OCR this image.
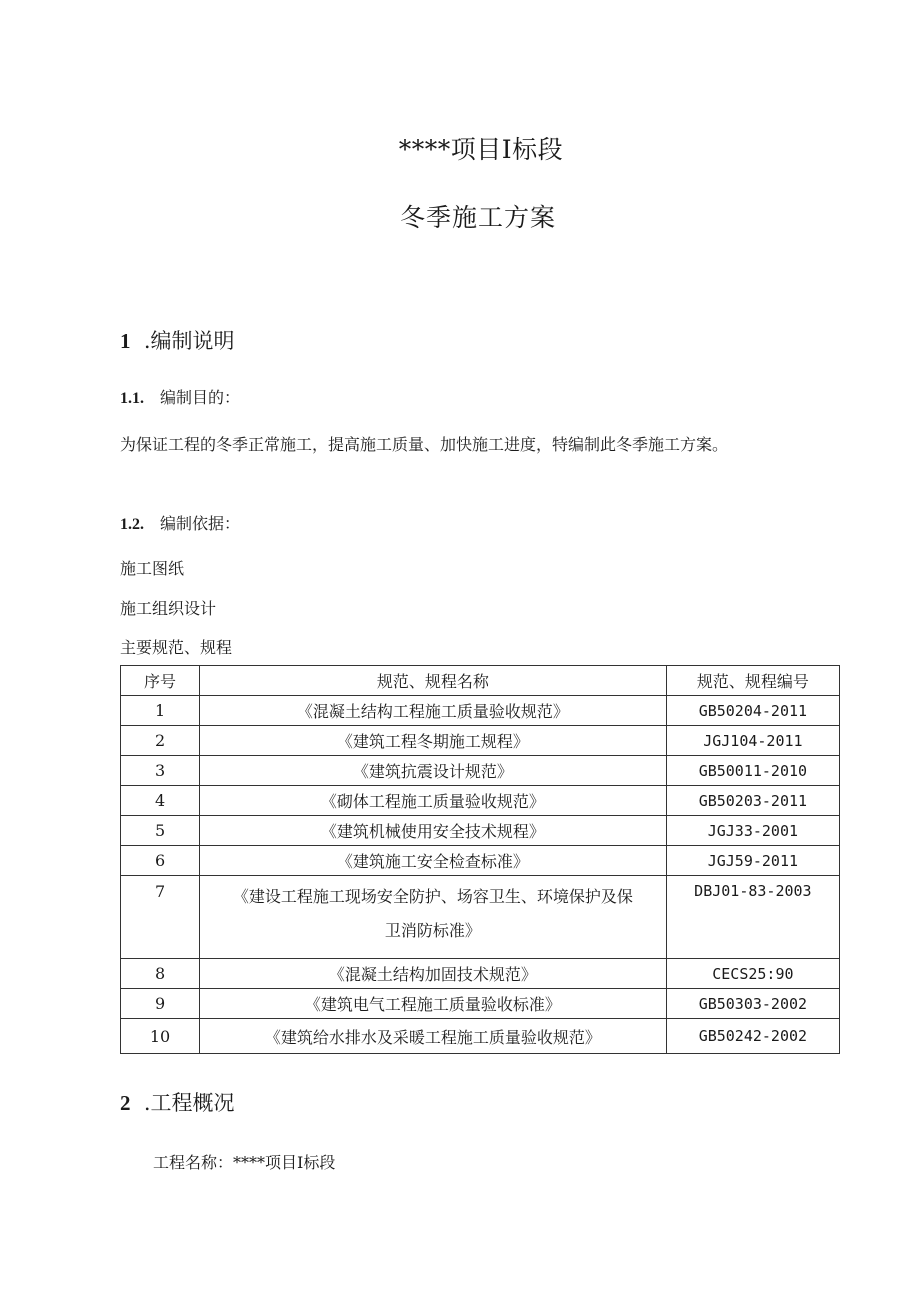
****项目I标段
冬季施工方案
1 .编制说明
1.1. 编制目的：
为保证工程的冬季正常施工，提高施工质量、加快施工进度，特编制此冬季施工方案。
1.2. 编制依据：
施工图纸
施工组织设计
主要规范、规程
序号	规范、规程名称	规范、规程编号
1	《混凝土结构工程施工质量验收规范》	GB50204-2011
2	《建筑工程冬期施工规程》	JGJ104-2011
3	《建筑抗震设计规范》	GB50011-2010
4	《砌体工程施工质量验收规范》	GB50203-2011
5	《建筑机械使用安全技术规程》	JGJ33-2001
6	《建筑施工安全检查标准》	JGJ59-2011
7	《建设工程施工现场安全防护、场容卫生、环境保护及保
卫消防标准》	DBJ01-83-2003
8	《混凝土结构加固技术规范》	CECS25:90
9	《建筑电气工程施工质量验收标准》	GB50303-2002
10	《建筑给水排水及采暖工程施工质量验收规范》	GB50242-2002
2 .工程概况
工程名称：****项目Ⅰ标段
